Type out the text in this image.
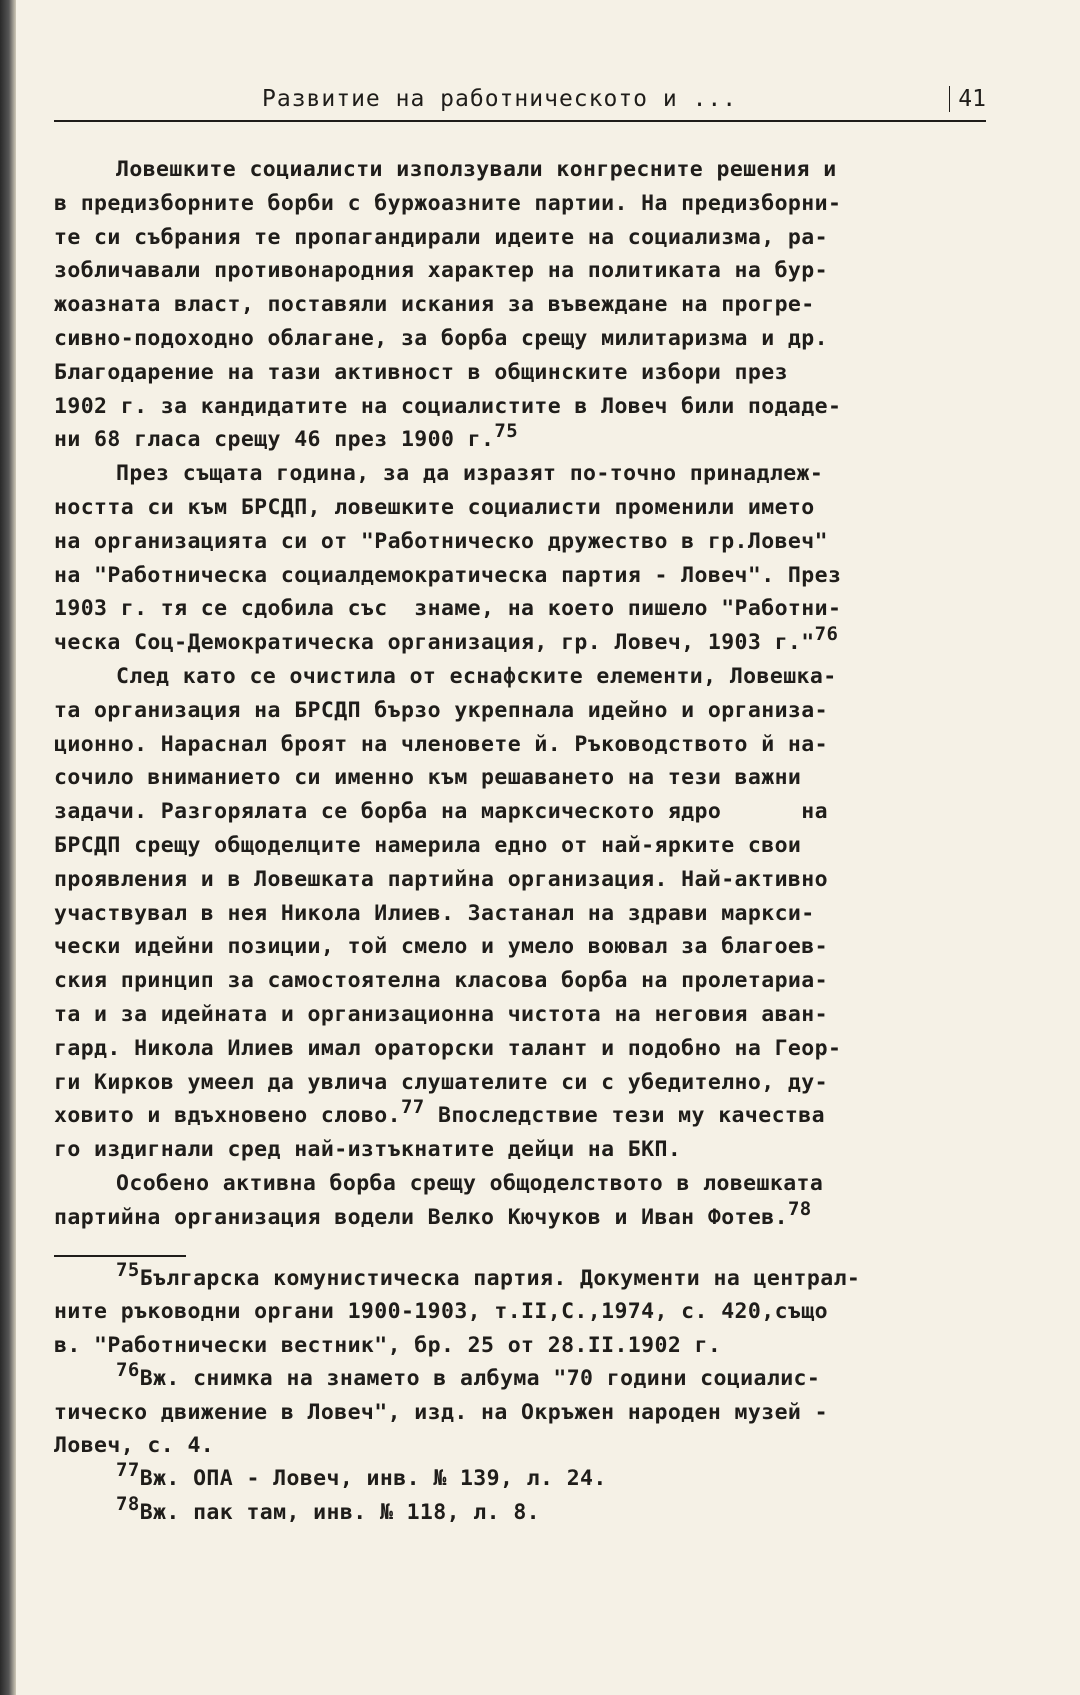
Развитие на работническото и ...	41
Ловешките социалисти използували конгресните решения и
в предизборните борби с буржоазните партии. На предизборни-
те си събрания те пропагандирали идеите на социализма, ра-
зобличавали противонародния характер на политиката на бур-
жоазната власт, поставяли искания за въвеждане на прогре-
сивно-подоходно облагане, за борба срещу милитаризма и др.
Благодарение на тази активност в общинските избори през
1902 г. за кандидатите на социалистите в Ловеч били подаде-
ни 68 гласа срещу 46 през 1900 г.75
През същата година, за да изразят по-точно принадлеж-
ността си към БРСДП, ловешките социалисти променили името
на организацията си от "Работническо дружество в гр.Ловеч"
на "Работническа социалдемократическа партия - Ловеч". През
1903 г. тя се сдобила със  знаме, на което пишело "Работни-
ческа Соц-Демократическа организация, гр. Ловеч, 1903 г."76
След като се очистила от еснафските елементи, Ловешка-
та организация на БРСДП бързо укрепнала идейно и организа-
ционно. Нараснал броят на членовете й. Ръководството й на-
сочило вниманието си именно към решаването на тези важни
задачи. Разгорялата се борба на марксическото ядро      на
БРСДП срещу общоделците намерила едно от най-ярките свои
проявления и в Ловешката партийна организация. Най-активно
участвувал в нея Никола Илиев. Застанал на здрави маркси-
чески идейни позиции, той смело и умело воювал за благоев-
ския принцип за самостоятелна класова борба на пролетариа-
та и за идейната и организационна чистота на неговия аван-
гард. Никола Илиев имал ораторски талант и подобно на Геор-
ги Кирков умеел да увлича слушателите си с убедително, ду-
ховито и вдъхновено слово.77 Впоследствие тези му качества
го издигнали сред най-изтъкнатите дейци на БКП.
Особено активна борба срещу общоделството в ловешката
партийна организация водели Велко Кючуков и Иван Фотев.78
75Българска комунистическа партия. Документи на централ-
ните ръководни органи 1900-1903, т.II,С.,1974, с. 420,също
в. "Работнически вестник", бр. 25 от 28.II.1902 г.
76Вж. снимка на знамето в албума "70 години социалис-
тическо движение в Ловеч", изд. на Окръжен народен музей -
Ловеч, с. 4.
77Вж. ОПА - Ловеч, инв. № 139, л. 24.
78Вж. пак там, инв. № 118, л. 8.
